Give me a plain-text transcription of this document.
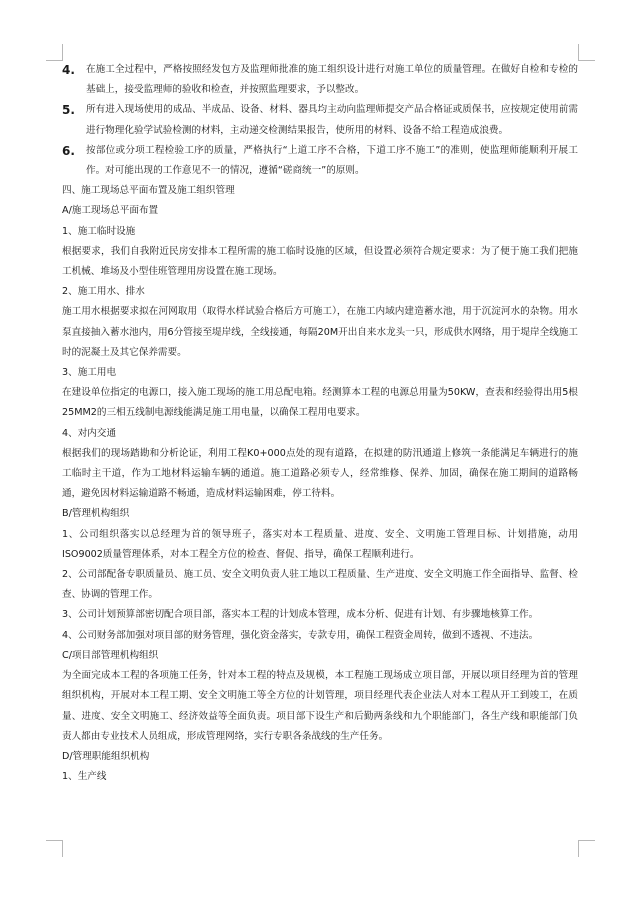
4.	在施工全过程中，严格按照经发包方及监理师批准的施工组织设计进行对施工单位的质量管理。在做好自检和专检的基础上，接受监理师的验收和检查，并按照监理要求，予以整改。
5.	所有进入现场使用的成品、半成品、设备、材料、器具均主动向监理师提交产品合格证或质保书，应按规定使用前需进行物理化验学试验检测的材料，主动递交检测结果报告，使所用的材料、设备不给工程造成浪费。
6.	按部位或分项工程检验工序的质量，严格执行“上道工序不合格，下道工序不施工”的准则，使监理师能顺利开展工作。对可能出现的工作意见不一的情况，遵循“磋商统一”的原则。
四、施工现场总平面布置及施工组织管理
A/施工现场总平面布置
1、施工临时设施
根据要求，我们自我附近民房安排本工程所需的施工临时设施的区域，但设置必须符合规定要求：为了便于施工我们把施工机械、堆场及小型佳班管理用房设置在施工现场。
2、施工用水、排水
施工用水根据要求拟在河网取用（取得水样试验合格后方可施工），在施工内域内建造蓄水池，用于沉淀河水的杂物。用水泵直接抽入蓄水池内，用6分管接至堤岸线，全线接通，每隔20M开出自来水龙头一只，形成供水网络，用于堤岸全线施工时的泥凝土及其它保养需要。
3、施工用电
在建设单位指定的电源口，接入施工现场的施工用总配电箱。经测算本工程的电源总用量为50KW，查表和经验得出用5根25MM2的三相五线制电源线能满足施工用电量，以确保工程用电要求。
4、对内交通
根据我们的现场踏勘和分析论证，利用工程K0+000点处的现有道路，在拟建的防汛通道上修筑一条能满足车辆进行的施工临时主干道，作为工地材料运输车辆的通道。施工道路必须专人，经常维修、保养、加固，确保在施工期间的道路畅通，避免因材料运输道路不畅通，造成材料运输困难，停工待料。
B/管理机构组织
1、公司组织落实以总经理为首的领导班子，落实对本工程质量、进度、安全、文明施工管理目标、计划措施，动用ISO9002质量管理体系，对本工程全方位的检查、督促、指导，确保工程顺利进行。
2、公司部配备专职质量员、施工员、安全文明负责人驻工地以工程质量、生产进度、安全文明施工作全面指导、监督、检查、协调的管理工作。
3、公司计划预算部密切配合项目部，落实本工程的计划成本管理，成本分析、促进有计划、有步骤地核算工作。
4、公司财务部加强对项目部的财务管理，强化资金落实，专款专用，确保工程资金周转，做到不透视、不违法。
C/项目部管理机构组织
为全面完成本工程的各项施工任务，针对本工程的特点及规模，本工程施工现场成立项目部，开展以项目经理为首的管理组织机构，开展对本工程工期、安全文明施工等全方位的计划管理，项目经理代表企业法人对本工程从开工到竣工，在质量、进度、安全文明施工、经济效益等全面负责。项目部下设生产和后勤两条线和九个职能部门，各生产线和职能部门负责人都由专业技术人员组成，形成管理网络，实行专职各条战线的生产任务。
D/管理职能组织机构
1、生产线
